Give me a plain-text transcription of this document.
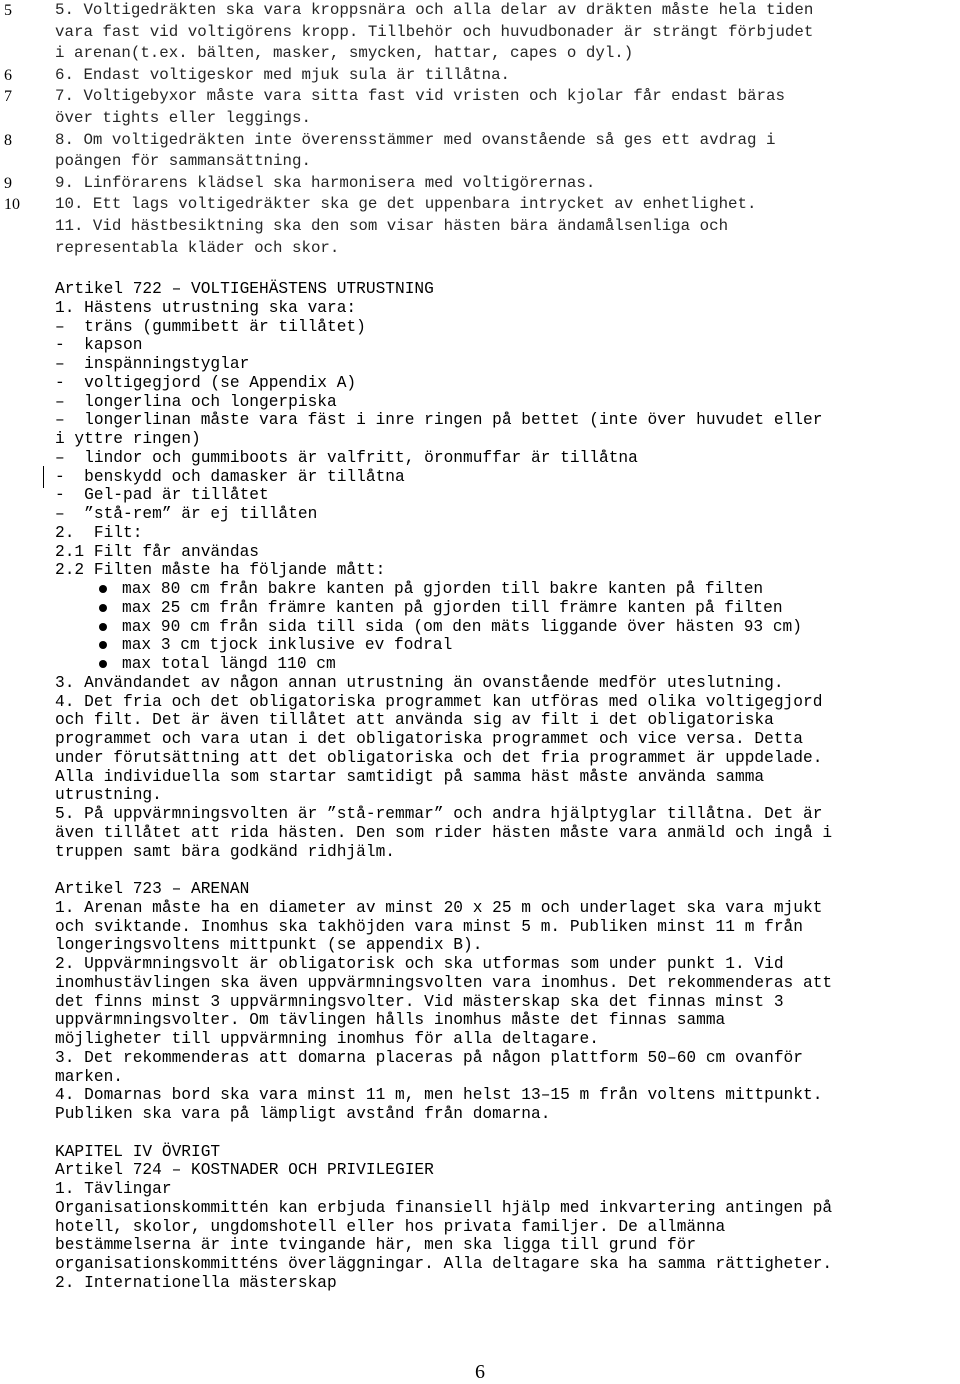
5
6
7
8
9
10
5. Voltigedräkten ska vara kroppsnära och alla delar av dräkten måste hela tiden
vara fast vid voltigörens kropp. Tillbehör och huvudbonader är strängt förbjudet
i arenan(t.ex. bälten, masker, smycken, hattar, capes o dyl.)
6. Endast voltigeskor med mjuk sula är tillåtna.
7. Voltigebyxor måste vara sitta fast vid vristen och kjolar får endast bäras
över tights eller leggings.
8. Om voltigedräkten inte överensstämmer med ovanstående så ges ett avdrag i
poängen för sammansättning.
9. Linförarens klädsel ska harmonisera med voltigörernas.
10. Ett lags voltigedräkter ska ge det uppenbara intrycket av enhetlighet.
11. Vid hästbesiktning ska den som visar hästen bära ändamålsenliga och
representabla kläder och skor.
Artikel 722 – VOLTIGEHÄSTENS UTRUSTNING
1. Hästens utrustning ska vara:
–  träns (gummibett är tillåtet)
-  kapson
–  inspänningstyglar
-  voltigegjord (se Appendix A)
–  longerlina och longerpiska
–  longerlinan måste vara fäst i inre ringen på bettet (inte över huvudet eller
i yttre ringen)
–  lindor och gummiboots är valfritt, öronmuffar är tillåtna
-  benskydd och damasker är tillåtna
-  Gel-pad är tillåtet
–  ”stå-rem” är ej tillåten
2.  Filt:
2.1 Filt får användas
2.2 Filten måste ha följande mått:
max 80 cm från bakre kanten på gjorden till bakre kanten på filten
max 25 cm från främre kanten på gjorden till främre kanten på filten
max 90 cm från sida till sida (om den mäts liggande över hästen 93 cm)
max 3 cm tjock inklusive ev fodral
max total längd 110 cm
3. Användandet av någon annan utrustning än ovanstående medför uteslutning.
4. Det fria och det obligatoriska programmet kan utföras med olika voltigegjord
och filt. Det är även tillåtet att använda sig av filt i det obligatoriska
programmet och vara utan i det obligatoriska programmet och vice versa. Detta
under förutsättning att det obligatoriska och det fria programmet är uppdelade.
Alla individuella som startar samtidigt på samma häst måste använda samma
utrustning.
5. På uppvärmningsvolten är ”stå-remmar” och andra hjälptyglar tillåtna. Det är
även tillåtet att rida hästen. Den som rider hästen måste vara anmäld och ingå i
truppen samt bära godkänd ridhjälm.
Artikel 723 – ARENAN
1. Arenan måste ha en diameter av minst 20 x 25 m och underlaget ska vara mjukt
och sviktande. Inomhus ska takhöjden vara minst 5 m. Publiken minst 11 m från
longeringsvoltens mittpunkt (se appendix B).
2. Uppvärmningsvolt är obligatorisk och ska utformas som under punkt 1. Vid
inomhustävlingen ska även uppvärmningsvolten vara inomhus. Det rekommenderas att
det finns minst 3 uppvärmningsvolter. Vid mästerskap ska det finnas minst 3
uppvärmningsvolter. Om tävlingen hålls inomhus måste det finnas samma
möjligheter till uppvärmning inomhus för alla deltagare.
3. Det rekommenderas att domarna placeras på någon plattform 50–60 cm ovanför
marken.
4. Domarnas bord ska vara minst 11 m, men helst 13–15 m från voltens mittpunkt.
Publiken ska vara på lämpligt avstånd från domarna.
KAPITEL IV ÖVRIGT
Artikel 724 – KOSTNADER OCH PRIVILEGIER
1. Tävlingar
Organisationskommittén kan erbjuda finansiell hjälp med inkvartering antingen på
hotell, skolor, ungdomshotell eller hos privata familjer. De allmänna
bestämmelserna är inte tvingande här, men ska ligga till grund för
organisationskommitténs överläggningar. Alla deltagare ska ha samma rättigheter.
2. Internationella mästerskap
6
